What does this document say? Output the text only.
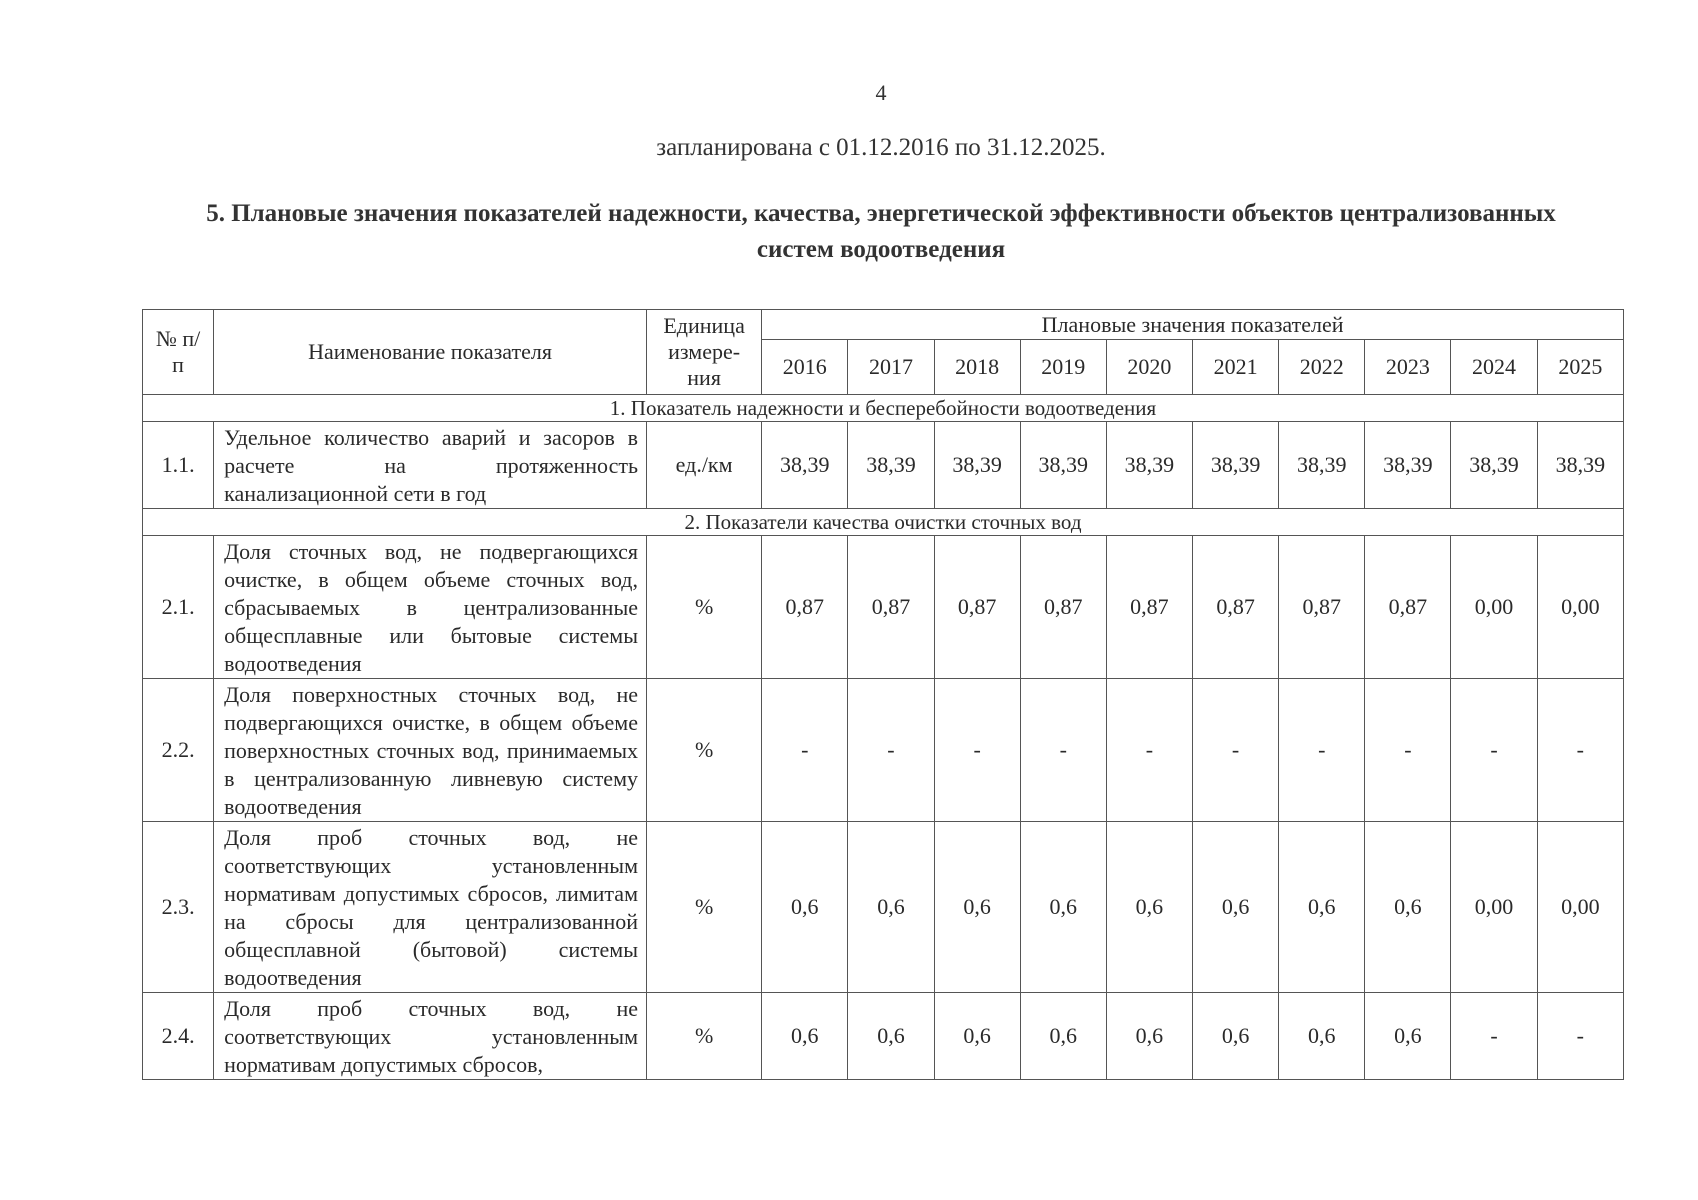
4
запланирована с 01.12.2016 по 31.12.2025.
5. Плановые значения показателей надежности, качества, энергетической эффективности объектов централизованных систем водоотведения
№ п/п	Наименование показателя	Единица измере-ния	Плановые значения показателей									
			2016	2017	2018	2019	2020	2021	2022	2023	2024	2025
1. Показатель надежности и бесперебойности водоотведения												
1.1.	Удельное количество аварий и засоров в расчете на протяженность канализационной сети в год	ед./км	38,39	38,39	38,39	38,39	38,39	38,39	38,39	38,39	38,39	38,39
2. Показатели качества очистки сточных вод												
2.1.	Доля сточных вод, не подвергающихся очистке, в общем объеме сточных вод, сбрасываемых в централизованные общесплавные или бытовые системы водоотведения	%	0,87	0,87	0,87	0,87	0,87	0,87	0,87	0,87	0,00	0,00
2.2.	Доля поверхностных сточных вод, не подвергающихся очистке, в общем объеме поверхностных сточных вод, принимаемых в централизованную ливневую систему водоотведения	%	-	-	-	-	-	-	-	-	-	-
2.3.	Доля проб сточных вод, не соответствующих установленным нормативам допустимых сбросов, лимитам на сбросы для централизованной общесплавной (бытовой) системы водоотведения	%	0,6	0,6	0,6	0,6	0,6	0,6	0,6	0,6	0,00	0,00
2.4.	Доля проб сточных вод, не соответствующих установленным нормативам допустимых сбросов,	%	0,6	0,6	0,6	0,6	0,6	0,6	0,6	0,6	-	-
